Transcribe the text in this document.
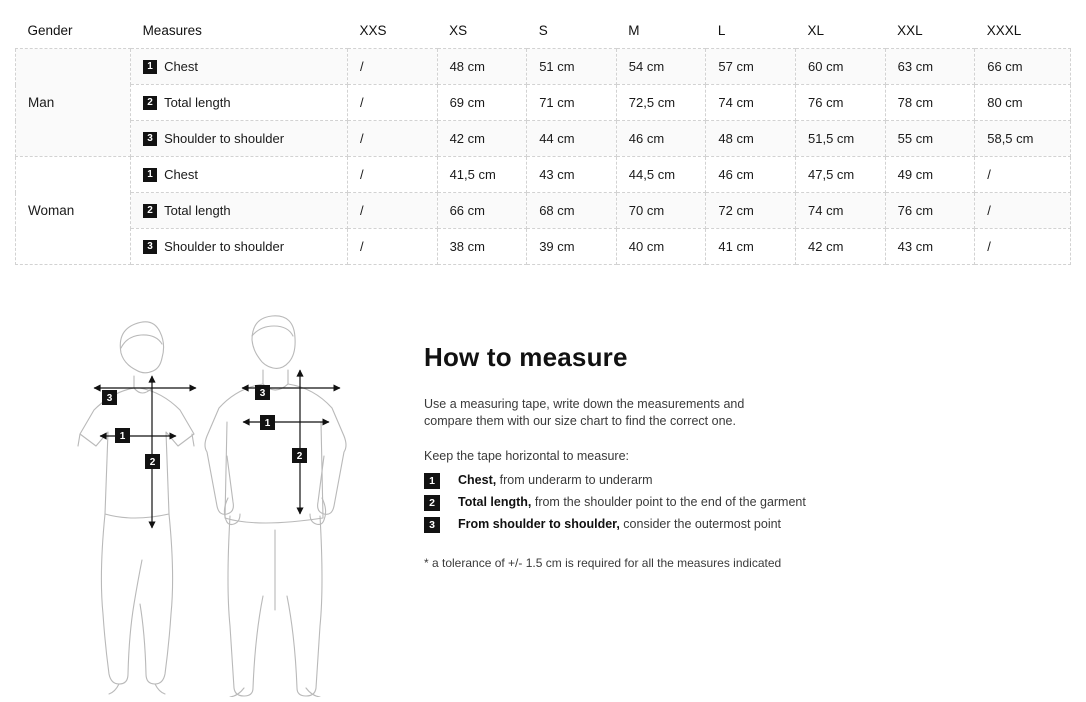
Gender	Measures	XXS	XS	S	M	L	XL	XXL	XXXL
Man	1 Chest	/	48 cm	51 cm	54 cm	57 cm	60 cm	63 cm	66 cm

2 Total length	/	69 cm	71 cm	72,5 cm	74 cm	76 cm	78 cm	80 cm

3 Shoulder to shoulder	/	42 cm	44 cm	46 cm	48 cm	51,5 cm	55 cm	58,5 cm
Woman	1 Chest	/	41,5 cm	43 cm	44,5 cm	46 cm	47,5 cm	49 cm	/

2 Total length	/	66 cm	68 cm	70 cm	72 cm	74 cm	76 cm	/

3 Shoulder to shoulder	/	38 cm	39 cm	40 cm	41 cm	42 cm	43 cm	/
3
1
2
3
1
2
How to measure
Use a measuring tape, write down the measurements and
compare them with our size chart to find the correct one.
Keep the tape horizontal to measure:
1	Chest, from underarm to underarm
2	Total length, from the shoulder point to the end of the garment
3	From shoulder to shoulder, consider the outermost point
* a tolerance of +/- 1.5 cm is required for all the measures indicated
